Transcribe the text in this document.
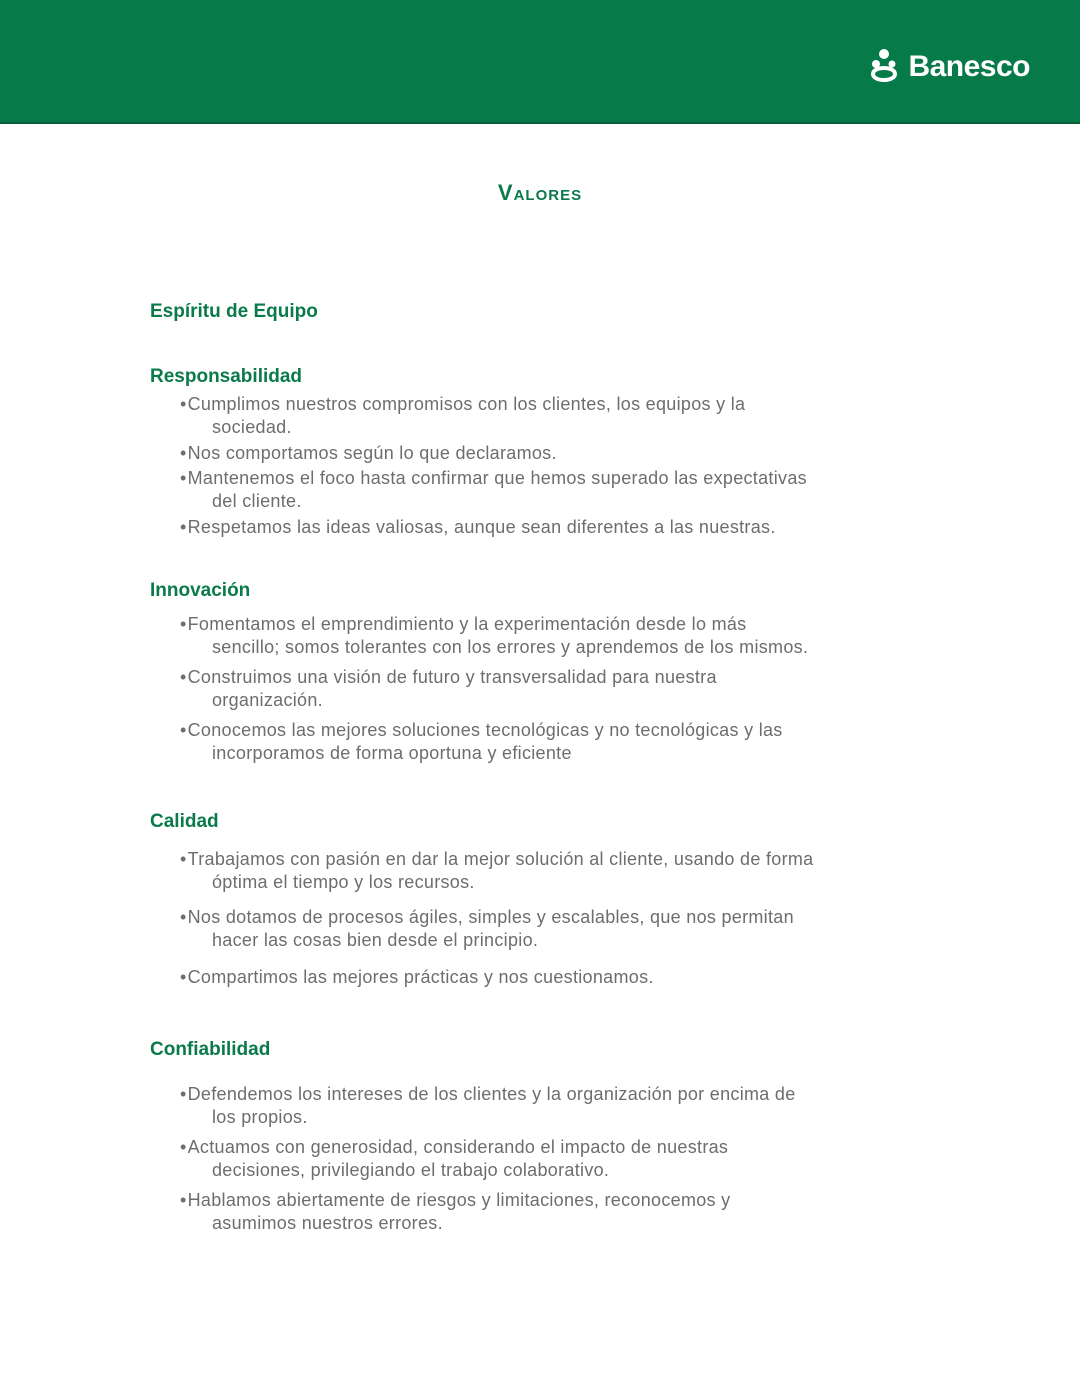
Banesco
Valores
Espíritu de Equipo
Responsabilidad
•Cumplimos nuestros compromisos con los clientes, los equipos y la
sociedad.
•Nos comportamos según lo que declaramos.
•Mantenemos el foco hasta confirmar que hemos superado las expectativas
del cliente.
•Respetamos las ideas valiosas, aunque sean diferentes a las nuestras.
Innovación
•Fomentamos el emprendimiento y la experimentación desde lo más
sencillo; somos tolerantes con los errores y aprendemos de los mismos.
•Construimos una visión de futuro y transversalidad para nuestra
organización.
•Conocemos las mejores soluciones tecnológicas y no tecnológicas y las
incorporamos de forma oportuna y eficiente
Calidad
•Trabajamos con pasión en dar la mejor solución al cliente, usando de forma
óptima el tiempo y los recursos.
•Nos dotamos de procesos ágiles, simples y escalables, que nos permitan
hacer las cosas bien desde el principio.
•Compartimos las mejores prácticas y nos cuestionamos.
Confiabilidad
•Defendemos los intereses de los clientes y la organización por encima de
los propios.
•Actuamos con generosidad, considerando el impacto de nuestras
decisiones, privilegiando el trabajo colaborativo.
•Hablamos abiertamente de riesgos y limitaciones, reconocemos y
asumimos nuestros errores.
